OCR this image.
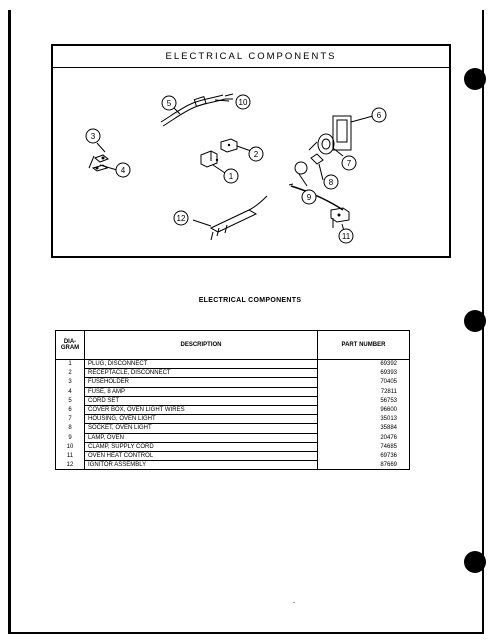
ELECTRICAL COMPONENTS
1
2
3
4
5
6
7
8
9
10
11
12
ELECTRICAL COMPONENTS
DIA-
GRAM	DESCRIPTION	PART NUMBER
1	PLUG, DISCONNECT	69392
2	RECEPTACLE, DISCONNECT	69393
3	FUSEHOLDER	70405
4	FUSE, 8 AMP	72811
5	CORD SET	56753
6	COVER BOX, OVEN LIGHT WIRES	96600
7	HOUSING, OVEN LIGHT	35013
8	SOCKET, OVEN LIGHT	35884
9	LAMP, OVEN	20476
10	CLAMP, SUPPLY CORD	74685
11	OVEN HEAT CONTROL	69736
12	IGNITOR ASSEMBLY	87669
-
